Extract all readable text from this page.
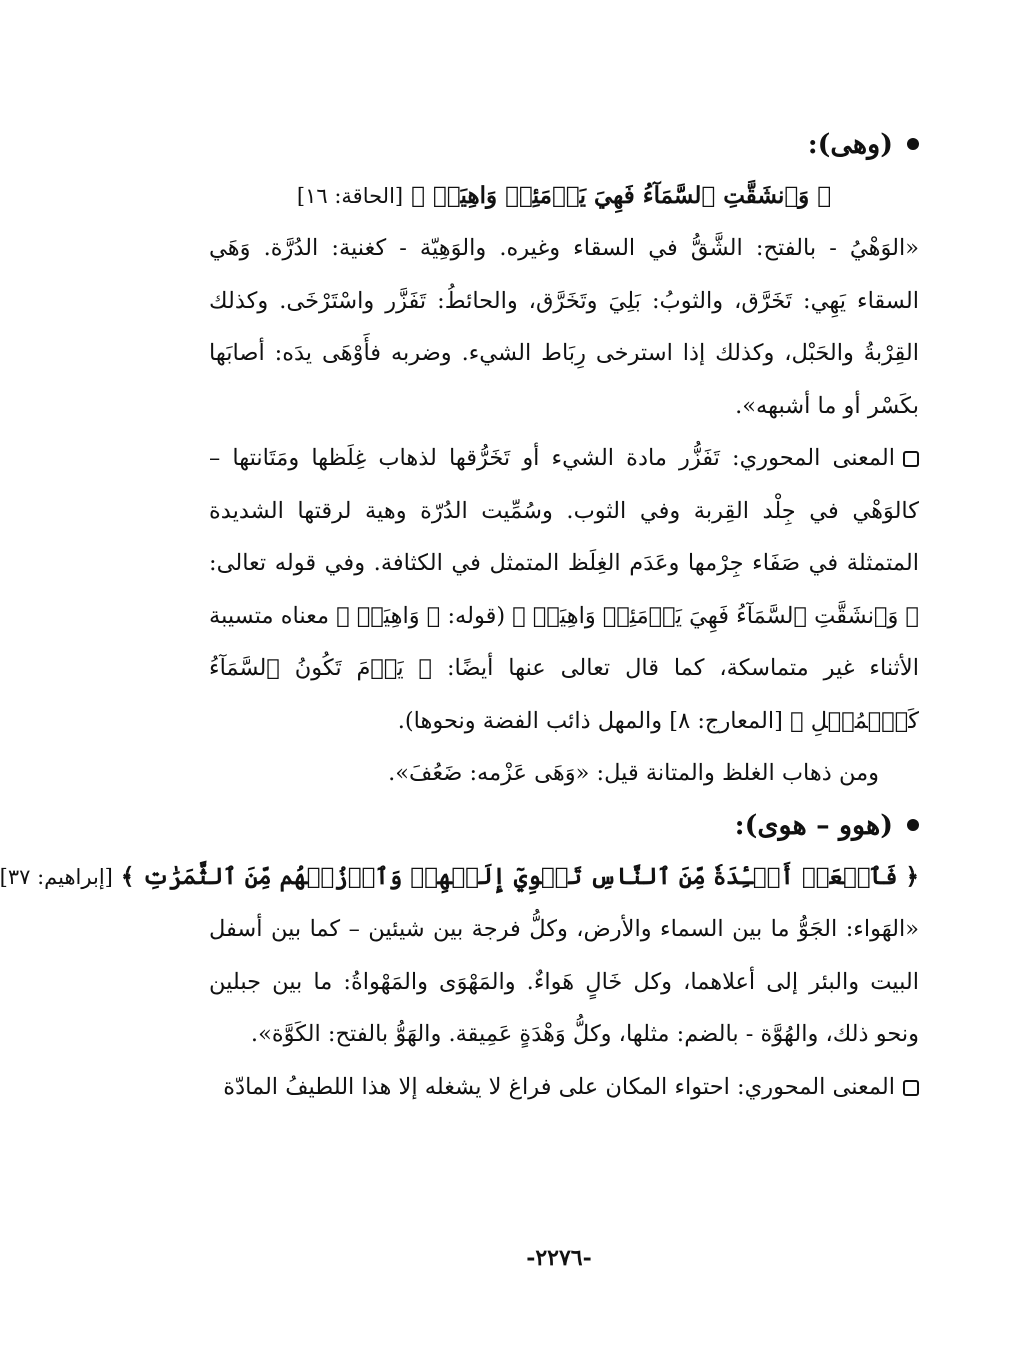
(وهى):
﴿ وَٱنشَقَّتِ ٱلسَّمَآءُ فَهِيَ يَوۡمَئِذٖ وَاهِيَةٞ ﴾ [الحاقة: ١٦]

«الوَهْيُ - بالفتح: الشَّقُّ في السقاء وغيره. والوَهِيّة - كغنية: الدُرَّة. وَهَي السقاء يَهِي: تَخَرَّق، والثوبُ: بَلِيَ وتَخَرَّق، والحائطُ: تَفَزَّر واسْتَرْخَى. وكذلك القِرْبةُ والحَبْل، وكذلك إذا استرخى رِبَاط الشيء. وضربه فأَوْهَى يدَه: أصابَها بكَسْر أو ما أشبهه».

المعنى المحوري: تَفَزُّر مادة الشيء أو تَخَرُّقها لذهاب غِلَظها ومَتَانتها – كالوَهْي في جِلْد القِربة وفي الثوب. وسُمِّيت الدُرّة وهية لرقتها الشديدة المتمثلة في صَفَاء جِرْمها وعَدَم الغِلَظ المتمثل في الكثافة. وفي قوله تعالى: ﴿ وَٱنشَقَّتِ ٱلسَّمَآءُ فَهِيَ يَوۡمَئِذٖ وَاهِيَةٞ ﴾ (قوله: ﴿ وَاهِيَةٞ ﴾ معناه متسيبة الأثناء غير متماسكة، كما قال تعالى عنها أيضًا: ﴿ يَوۡمَ تَكُونُ ٱلسَّمَآءُ كَٱلۡمُهۡلِ ﴾ [المعارج: ٨] والمهل ذائب الفضة ونحوها).

ومن ذهاب الغلظ والمتانة قيل: «وَهَى عَزْمه: ضَعُفَ».
(هوو – هوى):
﴿ فَٱجۡعَلۡ أَفۡـِٔدَةٗ مِّنَ ٱلنَّاسِ تَهۡوِيٓ إِلَيۡهِمۡ وَٱرۡزُقۡهُم مِّنَ ٱلثَّمَرَٰتِ ﴾ [إبراهيم: ٣٧]

«الهَواء: الجَوُّ ما بين السماء والأرض، وكلُّ فرجة بين شيئين – كما بين أسفل البيت والبئر إلى أعلاهما، وكل خَالٍ هَواءٌ. والمَهْوَى والمَهْواةُ: ما بين جبلين ونحو ذلك، والهُوَّة - بالضم: مثلها، وكلُّ وَهْدَةٍ عَمِيقة. والهَوُّ بالفتح: الكَوَّة».

المعنى المحوري: احتواء المكان على فراغ لا يشغله إلا هذا اللطيفُ المادّة

-٢٢٧٦-
